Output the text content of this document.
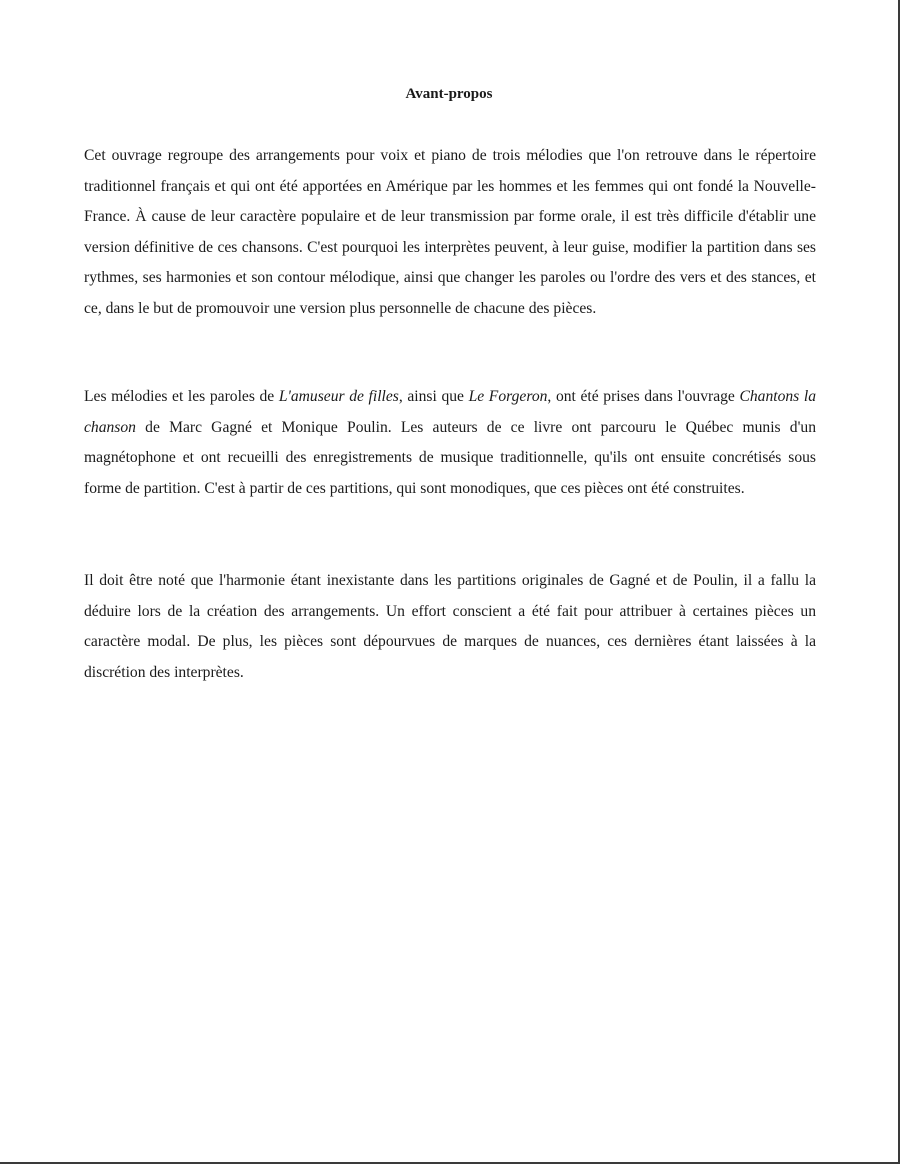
Avant-propos

Cet ouvrage regroupe des arrangements pour voix et piano de trois mélodies que l'on retrouve dans le répertoire traditionnel français et qui ont été apportées en Amérique par les hommes et les femmes qui ont fondé la Nouvelle-France. À cause de leur caractère populaire et de leur transmission par forme orale, il est très difficile d'établir une version définitive de ces chansons. C'est pourquoi les interprètes peuvent, à leur guise, modifier la partition dans ses rythmes, ses harmonies et son contour mélodique, ainsi que changer les paroles ou l'ordre des vers et des stances, et ce, dans le but de promouvoir une version plus personnelle de chacune des pièces.

Les mélodies et les paroles de L'amuseur de filles, ainsi que Le Forgeron, ont été prises dans l'ouvrage Chantons la chanson de Marc Gagné et Monique Poulin. Les auteurs de ce livre ont parcouru le Québec munis d'un magnétophone et ont recueilli des enregistrements de musique traditionnelle, qu'ils ont ensuite concrétisés sous forme de partition. C'est à partir de ces partitions, qui sont monodiques, que ces pièces ont été construites.

Il doit être noté que l'harmonie étant inexistante dans les partitions originales de Gagné et de Poulin, il a fallu la déduire lors de la création des arrangements. Un effort conscient a été fait pour attribuer à certaines pièces un caractère modal. De plus, les pièces sont dépourvues de marques de nuances, ces dernières étant laissées à la discrétion des interprètes.
